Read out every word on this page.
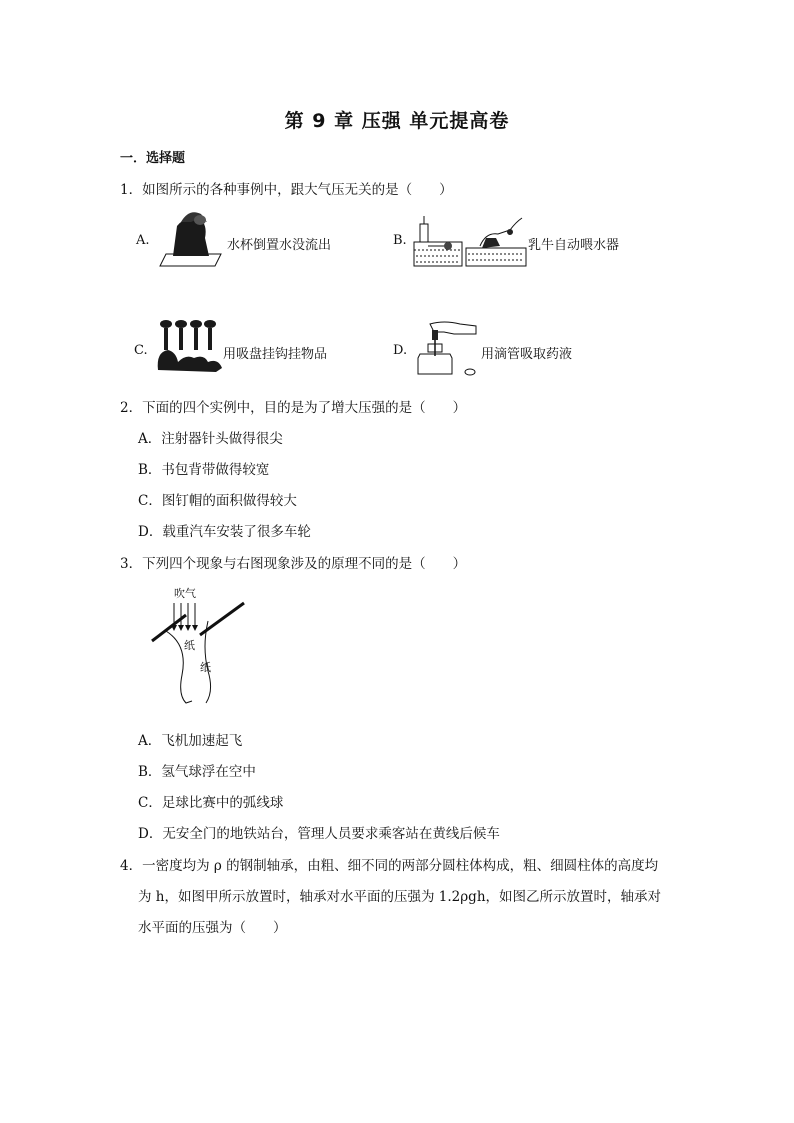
第 9 章 压强 单元提高卷
一．选择题
1．如图所示的各种事例中，跟大气压无关的是（　　）
A.	水杯倒置水没流出	B.	乳牛自动喂水器
C.	用吸盘挂钩挂物品	D.	用滴管吸取药液
2．下面的四个实例中，目的是为了增大压强的是（　　）
A．注射器针头做得很尖
B．书包背带做得较宽
C．图钉帽的面积做得较大
D．载重汽车安装了很多车轮
3．下列四个现象与右图现象涉及的原理不同的是（　　）
吹气
纸
纸
A．飞机加速起飞
B．氢气球浮在空中
C．足球比赛中的弧线球
D．无安全门的地铁站台，管理人员要求乘客站在黄线后候车
4．一密度均为 ρ 的钢制轴承，由粗、细不同的两部分圆柱体构成，粗、细圆柱体的高度均
为 h，如图甲所示放置时，轴承对水平面的压强为 1.2ρgh，如图乙所示放置时，轴承对
水平面的压强为（　　）
